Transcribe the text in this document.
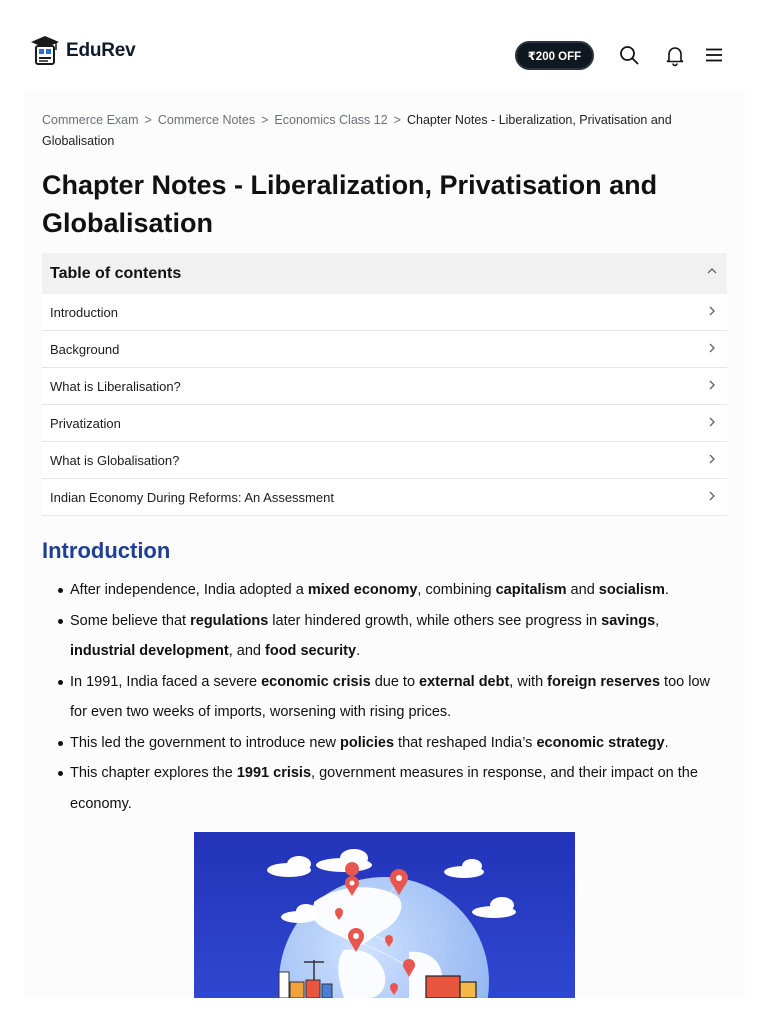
EduRev	₹200 OFF
Commerce Exam > Commerce Notes > Economics Class 12 > Chapter Notes - Liberalization, Privatisation and Globalisation
Chapter Notes - Liberalization, Privatisation and Globalisation
Table of contents
Introduction
Background
What is Liberalisation?
Privatization
What is Globalisation?
Indian Economy During Reforms: An Assessment
Introduction
After independence, India adopted a mixed economy, combining capitalism and socialism.
Some believe that regulations later hindered growth, while others see progress in savings, industrial development, and food security.
In 1991, India faced a severe economic crisis due to external debt, with foreign reserves too low for even two weeks of imports, worsening with rising prices.
This led the government to introduce new policies that reshaped India’s economic strategy.
This chapter explores the 1991 crisis, government measures in response, and their impact on the economy.
